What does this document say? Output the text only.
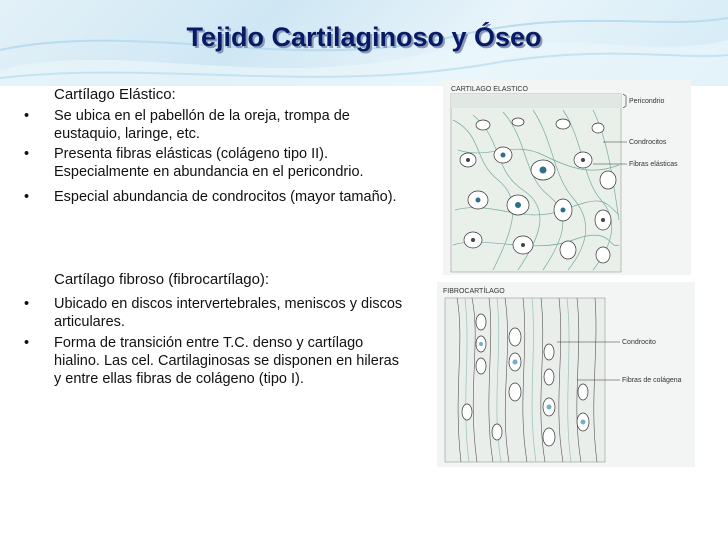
Tejido Cartilaginoso y Óseo
Cartílago Elástico:
•	Se ubica en el pabellón de la oreja, trompa de eustaquio, laringe, etc.
•	Presenta fibras elásticas (colágeno tipo II). Especialmente en abundancia en el pericondrio.
•	Especial abundancia de condrocitos (mayor tamaño).
Cartílago fibroso (fibrocartílago):
•	Ubicado en discos intervertebrales, meniscos y discos articulares.
•	Forma de transición entre T.C. denso y cartílago hialino. Las cel. Cartilaginosas se disponen en hileras y entre ellas fibras de colágeno (tipo I).
CARTILAGO ELASTICO
Pericondrio
Condrocitos
Fibras elásticas
FIBROCARTÍLAGO
Condrocito
Fibras de colágena
